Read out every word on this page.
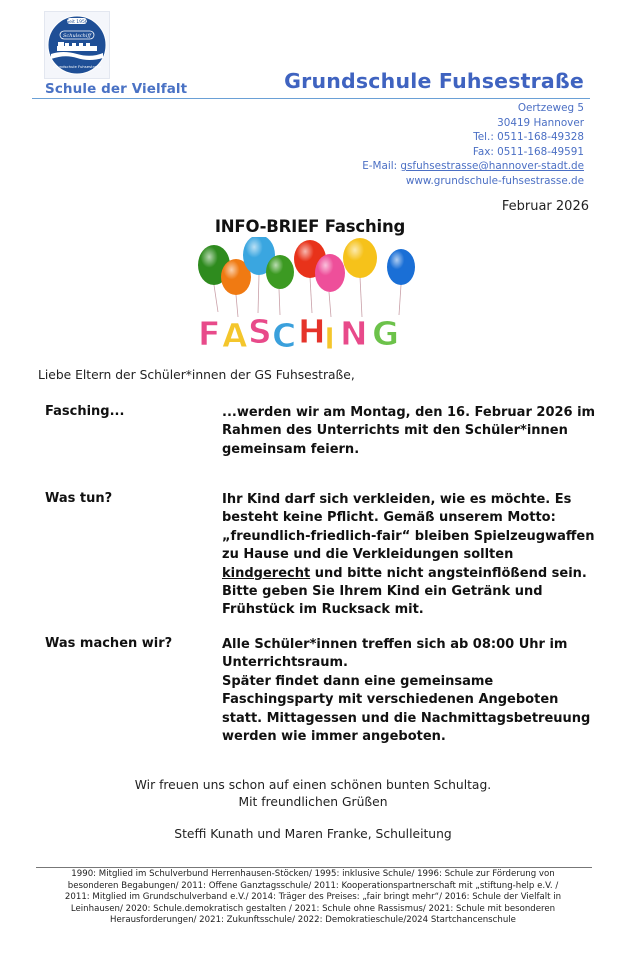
Seit 1956
Schulschiff
Grundschule Fuhsestraße
Schule der Vielfalt	Grundschule Fuhsestraße
Oertzeweg 5
30419 Hannover
Tel.: 0511-168-49328
Fax: 0511-168-49591
E-Mail: gsfuhsestrasse@hannover-stadt.de
www.grundschule-fuhsestrasse.de
Februar 2026
INFO-BRIEF Fasching
F A S C H
I N G
Liebe Eltern der Schüler*innen der GS Fuhsestraße,
Fasching...	...werden wir am Montag, den 16. Februar 2026 im
Rahmen des Unterrichts mit den Schüler*innen
gemeinsam feiern.
Was tun?	Ihr Kind darf sich verkleiden, wie es möchte. Es
besteht keine Pflicht. Gemäß unserem Motto:
„freundlich-friedlich-fair“ bleiben Spielzeugwaffen
zu Hause und die Verkleidungen sollten
kindgerecht und bitte nicht angsteinflößend sein.
Bitte geben Sie Ihrem Kind ein Getränk und
Frühstück im Rucksack mit.
Was machen wir?	Alle Schüler*innen treffen sich ab 08:00 Uhr im
Unterrichtsraum.
Später findet dann eine gemeinsame
Faschingsparty mit verschiedenen Angeboten
statt. Mittagessen und die Nachmittagsbetreuung
werden wie immer angeboten.
Wir freuen uns schon auf einen schönen bunten Schultag.
Mit freundlichen Grüßen
Steffi Kunath und Maren Franke, Schulleitung
1990: Mitglied im Schulverbund Herrenhausen-Stöcken/ 1995: inklusive Schule/ 1996: Schule zur Förderung von
besonderen Begabungen/ 2011: Offene Ganztagsschule/ 2011: Kooperationspartnerschaft mit „stiftung-help e.V. /
2011: Mitglied im Grundschulverband e.V./ 2014: Träger des Preises: „fair bringt mehr“/ 2016: Schule der Vielfalt in
Leinhausen/ 2020: Schule.demokratisch gestalten / 2021: Schule ohne Rassismus/ 2021: Schule mit besonderen
Herausforderungen/ 2021: Zukunftsschule/ 2022: Demokratieschule/2024 Startchancenschule
